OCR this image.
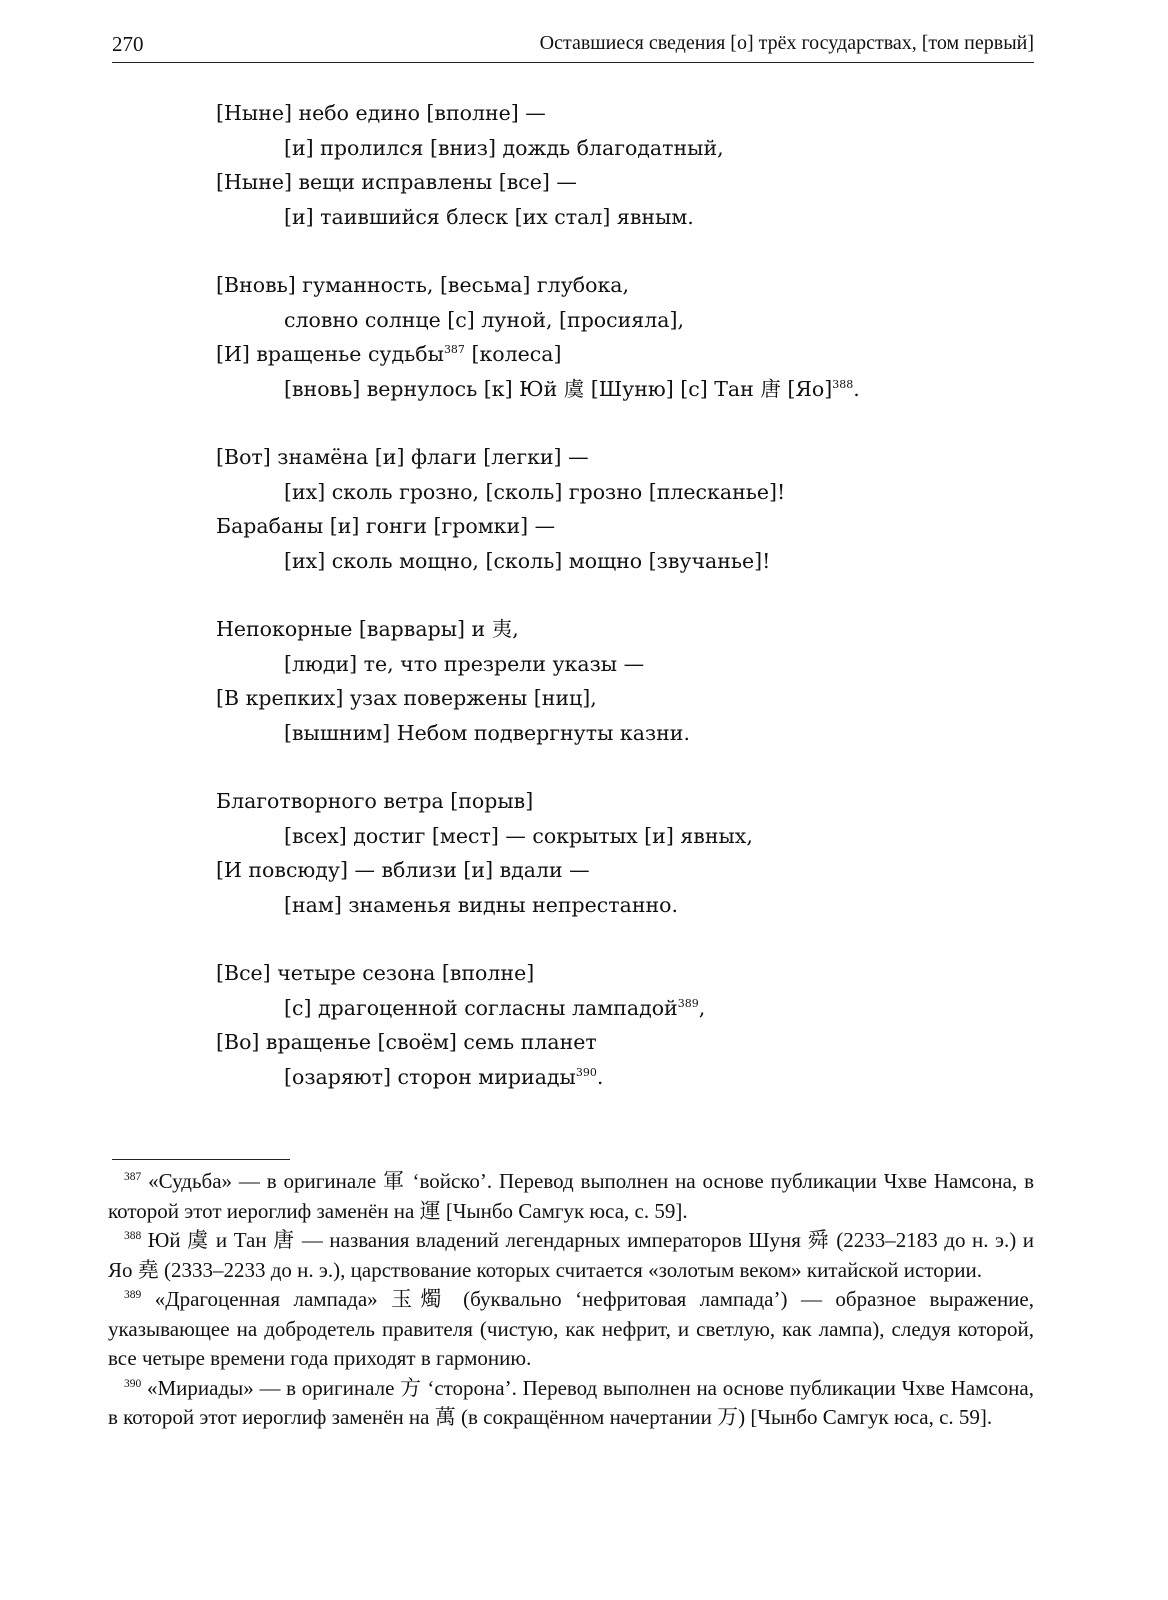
270	Оставшиеся сведения [о] трёх государствах, [том первый]
[Ныне] небо едино [вполне] —
[и] пролился [вниз] дождь благодатный,
[Ныне] вещи исправлены [все] —
[и] таившийся блеск [их стал] явным.
[Вновь] гуманность, [весьма] глубока,
словно солнце [с] луной, [просияла],
[И] вращенье судьбы$^{387}$ [колеса]
[вновь] вернулось [к] Юй 虞 [Шуню] [с] Тан 唐 [Яо]$^{388}$.
[Вот] знамёна [и] флаги [легки] —
[их] сколь грозно, [сколь] грозно [плесканье]!
Барабаны [и] гонги [громки] —
[их] сколь мощно, [сколь] мощно [звучанье]!
Непокорные [варвары] и 夷,
[люди] те, что презрели указы —
[В крепких] узах повержены [ниц],
[вышним] Небом подвергнуты казни.
Благотворного ветра [порыв]
[всех] достиг [мест] — сокрытых [и] явных,
[И повсюду] — вблизи [и] вдали —
[нам] знаменья видны непрестанно.
[Все] четыре сезона [вполне]
[с] драгоценной согласны лампадой$^{389}$,
[Во] вращенье [своём] семь планет
[озаряют] сторон мириады$^{390}$.

$^{387}$ «Судьба» — в оригинале 軍 ‘войско’. Перевод выполнен на основе публикации Чхве Намсона, в которой этот иероглиф заменён на 運 [Чынбо Самгук юса, с. 59].

$^{388}$ Юй 虞 и Тан 唐 — названия владений легендарных императоров Шуня 舜 (2233–2183 до н. э.) и Яо 堯 (2333–2233 до н. э.), царствование которых считается «золотым веком» китайской истории.

$^{389}$ «Драгоценная лампада» 玉燭 (буквально ‘нефритовая лампада’) — образное выражение, указывающее на добродетель правителя (чистую, как нефрит, и светлую, как лампа), следуя которой, все четыре времени года приходят в гармонию.

$^{390}$ «Мириады» — в оригинале 方 ‘сторона’. Перевод выполнен на основе публикации Чхве Намсона, в которой этот иероглиф заменён на 萬 (в сокращённом начертании 万) [Чынбо Самгук юса, с. 59].
